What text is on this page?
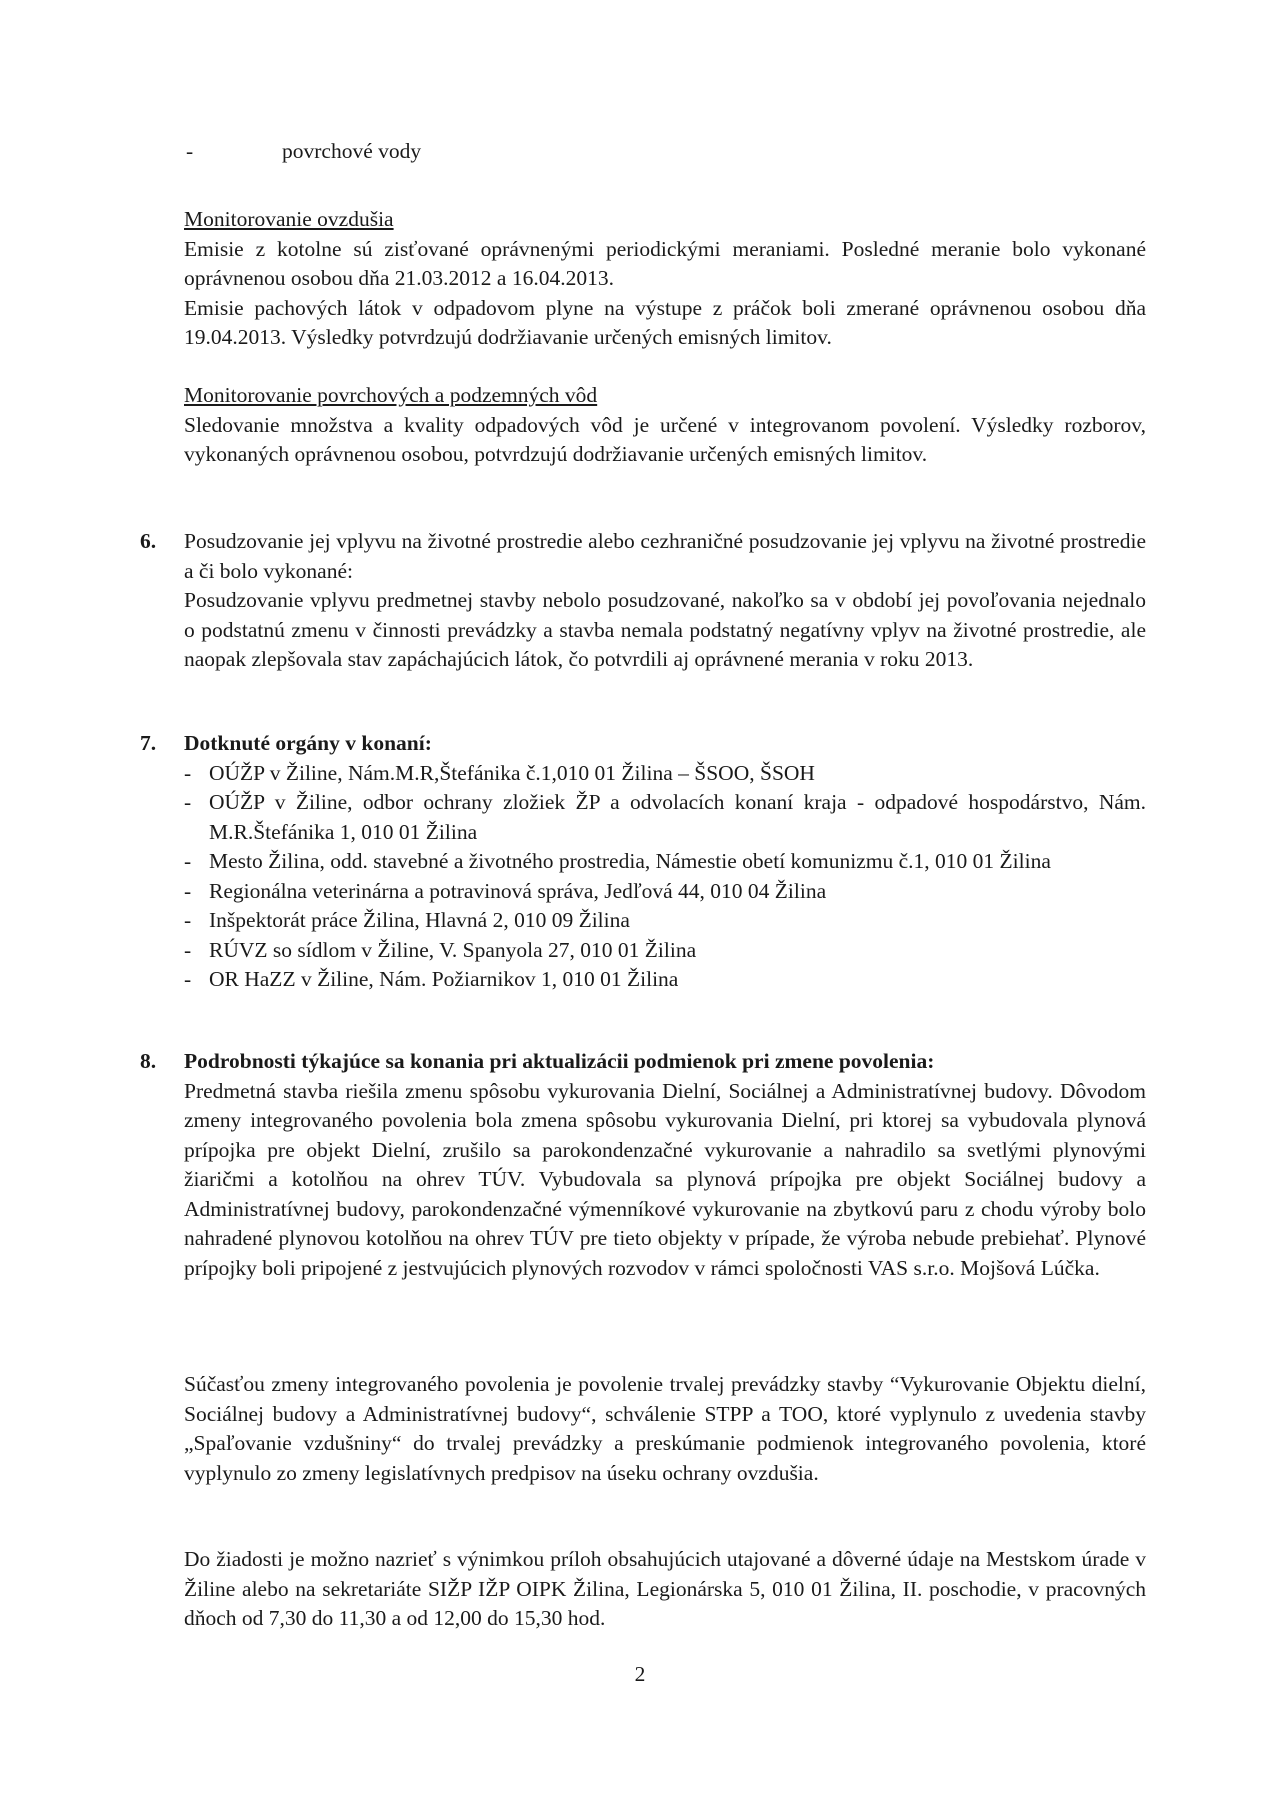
-	povrchové vody

Monitorovanie ovzdušia

Emisie z kotolne sú zisťované oprávnenými periodickými meraniami. Posledné meranie bolo vykonané oprávnenou osobou dňa 21.03.2012 a 16.04.2013.

Emisie pachových látok v odpadovom plyne na výstupe z práčok boli zmerané oprávnenou osobou dňa 19.04.2013. Výsledky potvrdzujú dodržiavanie určených emisných limitov.

Monitorovanie povrchových a podzemných vôd

Sledovanie množstva a kvality odpadových vôd je určené v integrovanom povolení. Výsledky rozborov, vykonaných oprávnenou osobou, potvrdzujú dodržiavanie určených emisných limitov.

6. Posudzovanie jej vplyvu na životné prostredie alebo cezhraničné posudzovanie jej vplyvu na životné prostredie a či bolo vykonané:

Posudzovanie vplyvu predmetnej stavby nebolo posudzované, nakoľko sa v období jej povoľovania nejednalo o podstatnú zmenu v činnosti prevádzky a stavba nemala podstatný negatívny vplyv na životné prostredie, ale naopak zlepšovala stav zapáchajúcich látok, čo potvrdili aj oprávnené merania v roku 2013.

7. Dotknuté orgány v konaní:

- OÚŽP v Žiline, Nám.M.R,Štefánika č.1,010 01 Žilina – ŠSOO, ŠSOH

- OÚŽP v Žiline, odbor ochrany zložiek ŽP a odvolacích konaní kraja - odpadové hospodárstvo, Nám. M.R.Štefánika 1, 010 01 Žilina

- Mesto Žilina, odd. stavebné a životného prostredia, Námestie obetí komunizmu č.1, 010 01 Žilina

- Regionálna veterinárna a potravinová správa, Jedľová 44, 010 04 Žilina

- Inšpektorát práce Žilina, Hlavná 2, 010 09 Žilina

- RÚVZ so sídlom v Žiline, V. Spanyola 27, 010 01 Žilina

- OR HaZZ v Žiline, Nám. Požiarnikov 1, 010 01 Žilina

8. Podrobnosti týkajúce sa konania pri aktualizácii podmienok pri zmene povolenia:

Predmetná stavba riešila zmenu spôsobu vykurovania Dielní, Sociálnej a Administratívnej budovy. Dôvodom zmeny integrovaného povolenia bola zmena spôsobu vykurovania Dielní, pri ktorej sa vybudovala plynová prípojka pre objekt Dielní, zrušilo sa parokondenzačné vykurovanie a nahradilo sa svetlými plynovými žiaričmi a kotolňou na ohrev TÚV. Vybudovala sa plynová prípojka pre objekt Sociálnej budovy a Administratívnej budovy, parokondenzačné výmenníkové vykurovanie na zbytkovú paru z chodu výroby bolo nahradené plynovou kotolňou na ohrev TÚV pre tieto objekty v prípade, že výroba nebude prebiehať. Plynové prípojky boli pripojené z jestvujúcich plynových rozvodov v rámci spoločnosti VAS s.r.o. Mojšová Lúčka.

Súčasťou zmeny integrovaného povolenia je povolenie trvalej prevádzky stavby “Vykurovanie Objektu dielní, Sociálnej budovy a Administratívnej budovy“, schválenie STPP a TOO, ktoré vyplynulo z uvedenia stavby „Spaľovanie vzdušniny“ do trvalej prevádzky a preskúmanie podmienok integrovaného povolenia, ktoré vyplynulo zo zmeny legislatívnych predpisov na úseku ochrany ovzdušia.

Do žiadosti je možno nazrieť s výnimkou príloh obsahujúcich utajované a dôverné údaje na Mestskom úrade v Žiline alebo na sekretariáte SIŽP IŽP OIPK Žilina, Legionárska 5, 010 01 Žilina, II. poschodie, v pracovných dňoch od 7,30 do 11,30 a od 12,00 do 15,30 hod.

2
